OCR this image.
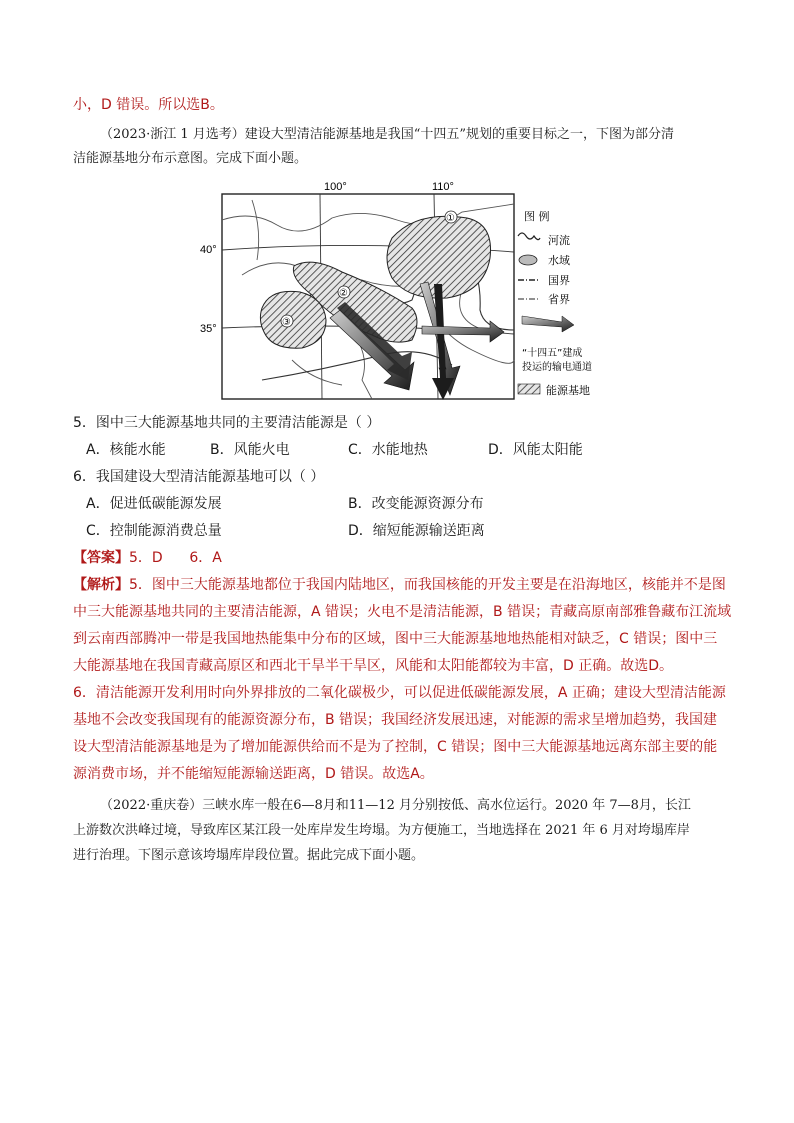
小，D 错误。所以选B。
（2023·浙江 1 月选考）建设大型清洁能源基地是我国“十四五”规划的重要目标之一，下图为部分清
洁能源基地分布示意图。完成下面小题。
100°	110°
40°
35°
①
②
③
图 例
河流
水域
国界
省界
“十四五”建成
投运的输电通道
能源基地
5．图中三大能源基地共同的主要清洁能源是（ ）
A．核能水能	B．风能火电	C．水能地热	D．风能太阳能
6．我国建设大型清洁能源基地可以（ ）
A．促进低碳能源发展	B．改变能源资源分布
C．控制能源消费总量	D．缩短能源输送距离
【答案】5．D      6．A
【解析】5．图中三大能源基地都位于我国内陆地区，而我国核能的开发主要是在沿海地区，核能并不是图
中三大能源基地共同的主要清洁能源，A 错误；火电不是清洁能源，B 错误；青藏高原南部雅鲁藏布江流域
到云南西部腾冲一带是我国地热能集中分布的区域，图中三大能源基地地热能相对缺乏，C 错误；图中三
大能源基地在我国青藏高原区和西北干旱半干旱区，风能和太阳能都较为丰富，D 正确。故选D。
6．清洁能源开发利用时向外界排放的二氧化碳极少，可以促进低碳能源发展，A 正确；建设大型清洁能源
基地不会改变我国现有的能源资源分布，B 错误；我国经济发展迅速，对能源的需求呈增加趋势，我国建
设大型清洁能源基地是为了增加能源供给而不是为了控制，C 错误；图中三大能源基地远离东部主要的能
源消费市场，并不能缩短能源输送距离，D 错误。故选A。
（2022·重庆卷）三峡水库一般在6—8月和11—12 月分别按低、高水位运行。2020 年 7—8月，长江
上游数次洪峰过境，导致库区某江段一处库岸发生垮塌。为方便施工，当地选择在 2021 年 6 月对垮塌库岸
进行治理。下图示意该垮塌库岸段位置。据此完成下面小题。
